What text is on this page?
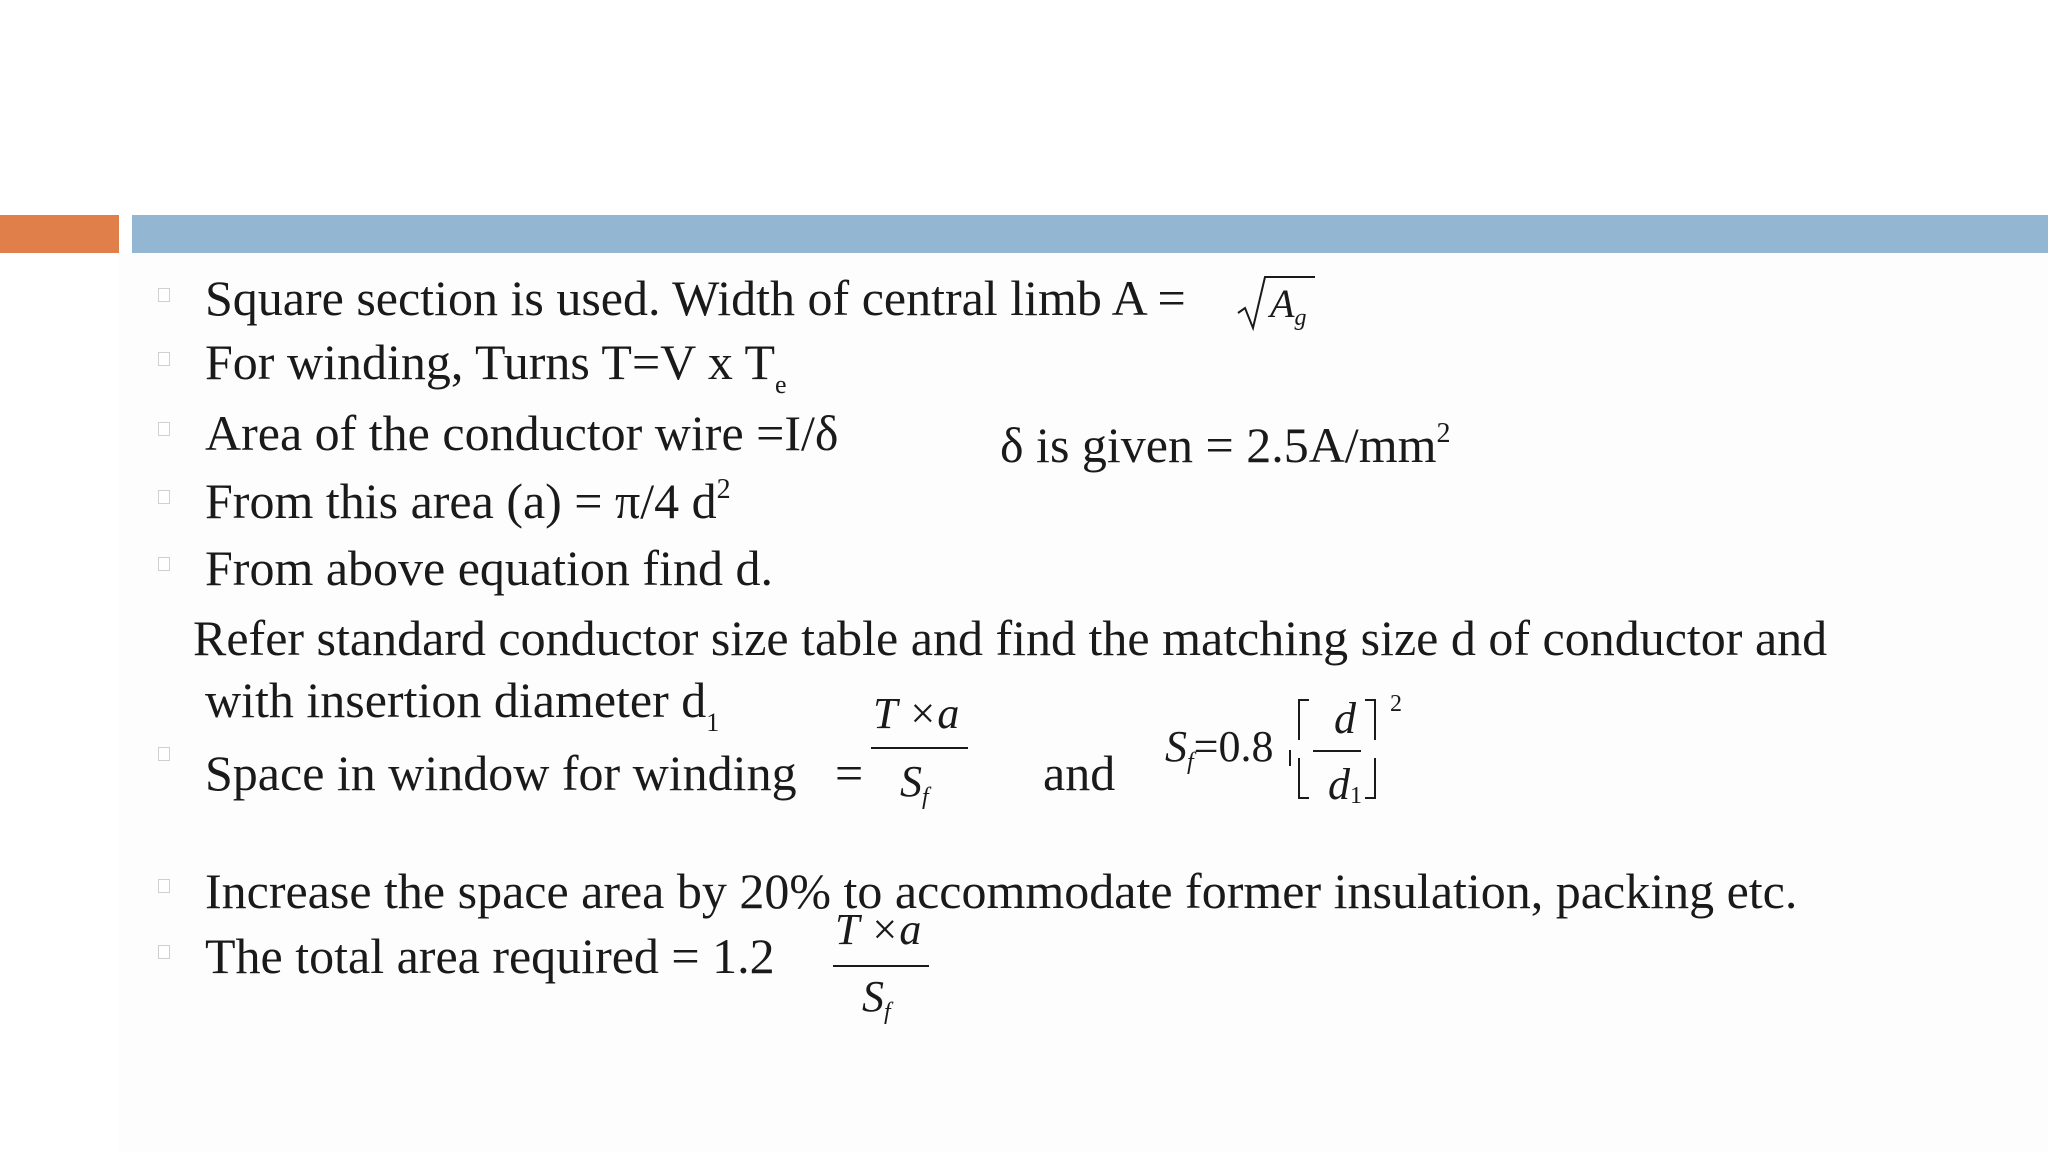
Square section is used. Width of central limb $A = A_g$
For winding, Turns T=V x $T_e$
Area of the conductor wire =I/δ	δ is given = $2.5A/mm^2$
From this area (a) = π/4 $d^2$
From above equation find d.
Refer standard conductor size table and find the matching size d of conductor and
with insertion diameter $d_1$
Space in window for winding =
T ×a
Sf and Sf=0.8
d
d1
2
Increase the space area by 20% to accommodate former insulation, packing etc.
The total area required = 1.2 T ×a
Sf
